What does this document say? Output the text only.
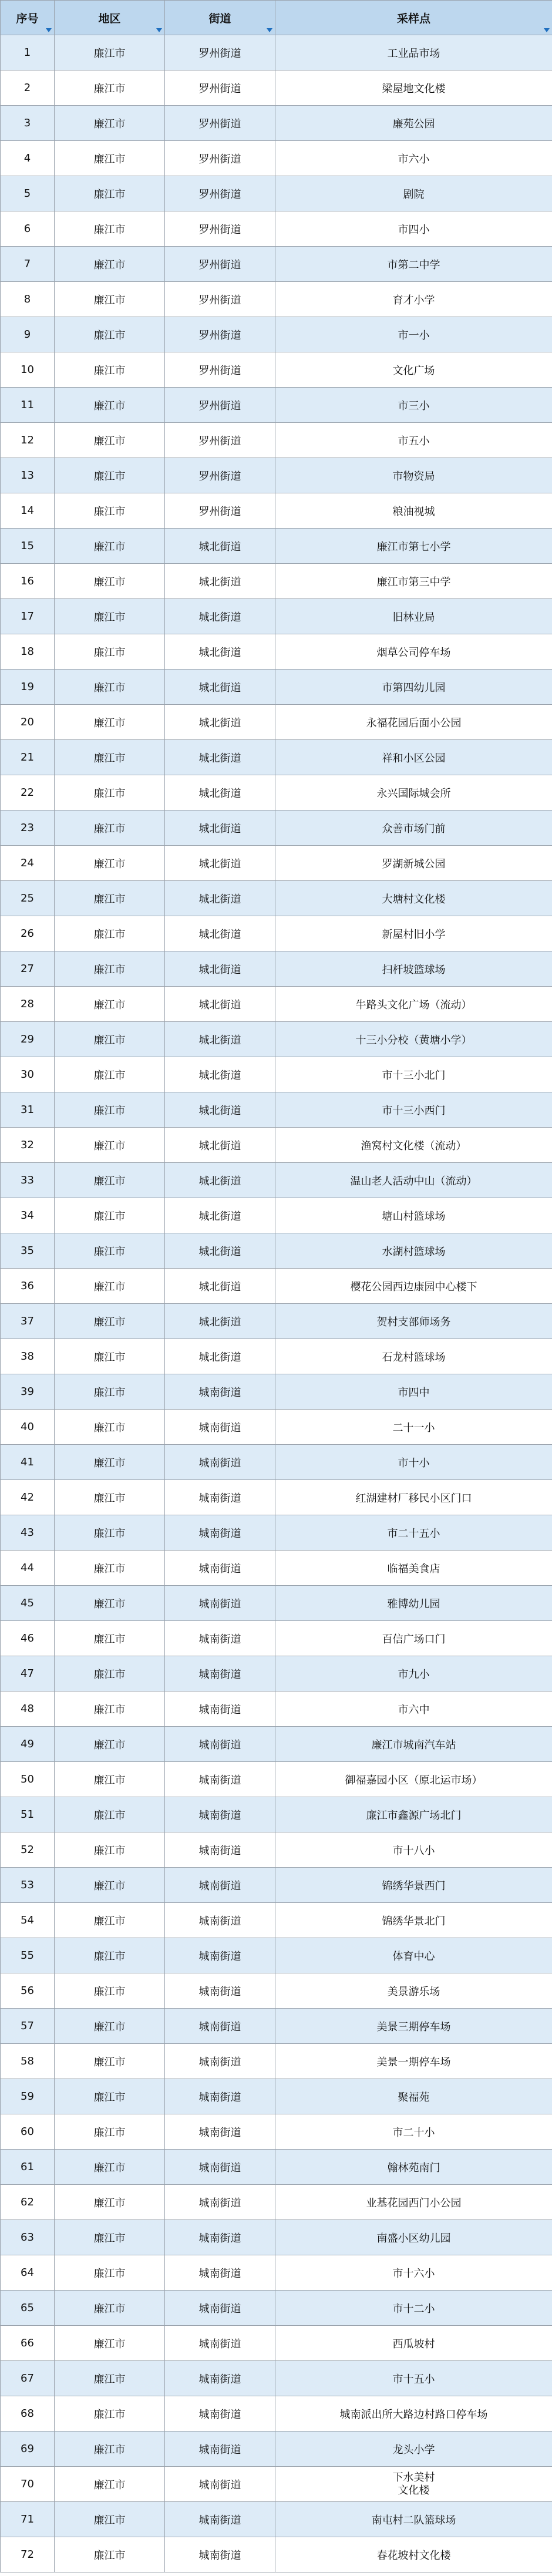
序号	地区	街道	采样点

1	廉江市	罗州街道	工业品市场
2	廉江市	罗州街道	梁屋地文化楼
3	廉江市	罗州街道	廉苑公园
4	廉江市	罗州街道	市六小
5	廉江市	罗州街道	剧院
6	廉江市	罗州街道	市四小
7	廉江市	罗州街道	市第二中学
8	廉江市	罗州街道	育才小学
9	廉江市	罗州街道	市一小
10	廉江市	罗州街道	文化广场
11	廉江市	罗州街道	市三小
12	廉江市	罗州街道	市五小
13	廉江市	罗州街道	市物资局
14	廉江市	罗州街道	粮油视城
15	廉江市	城北街道	廉江市第七小学
16	廉江市	城北街道	廉江市第三中学
17	廉江市	城北街道	旧林业局
18	廉江市	城北街道	烟草公司停车场
19	廉江市	城北街道	市第四幼儿园
20	廉江市	城北街道	永福花园后面小公园
21	廉江市	城北街道	祥和小区公园
22	廉江市	城北街道	永兴国际城会所
23	廉江市	城北街道	众善市场门前
24	廉江市	城北街道	罗湖新城公园
25	廉江市	城北街道	大塘村文化楼
26	廉江市	城北街道	新屋村旧小学
27	廉江市	城北街道	扫杆坡篮球场
28	廉江市	城北街道	牛路头文化广场（流动）
29	廉江市	城北街道	十三小分校（黄塘小学）
30	廉江市	城北街道	市十三小北门
31	廉江市	城北街道	市十三小西门
32	廉江市	城北街道	渔窝村文化楼（流动）
33	廉江市	城北街道	温山老人活动中山（流动）
34	廉江市	城北街道	塘山村篮球场
35	廉江市	城北街道	水湖村篮球场
36	廉江市	城北街道	樱花公园西边康园中心楼下
37	廉江市	城北街道	贺村支部师场务
38	廉江市	城北街道	石龙村篮球场
39	廉江市	城南街道	市四中
40	廉江市	城南街道	二十一小
41	廉江市	城南街道	市十小
42	廉江市	城南街道	红湖建材厂移民小区门口
43	廉江市	城南街道	市二十五小
44	廉江市	城南街道	临福美食店
45	廉江市	城南街道	雅博幼儿园
46	廉江市	城南街道	百信广场口门
47	廉江市	城南街道	市九小
48	廉江市	城南街道	市六中
49	廉江市	城南街道	廉江市城南汽车站
50	廉江市	城南街道	御福嘉园小区（原北运市场）
51	廉江市	城南街道	廉江市鑫源广场北门
52	廉江市	城南街道	市十八小
53	廉江市	城南街道	锦绣华景西门
54	廉江市	城南街道	锦绣华景北门
55	廉江市	城南街道	体育中心
56	廉江市	城南街道	美景游乐场
57	廉江市	城南街道	美景三期停车场
58	廉江市	城南街道	美景一期停车场
59	廉江市	城南街道	聚福苑
60	廉江市	城南街道	市二十小
61	廉江市	城南街道	翰林苑南门
62	廉江市	城南街道	业基花园西门小公园
63	廉江市	城南街道	南盛小区幼儿园
64	廉江市	城南街道	市十六小
65	廉江市	城南街道	市十二小
66	廉江市	城南街道	西瓜坡村
67	廉江市	城南街道	市十五小
68	廉江市	城南街道	城南派出所大路边村路口停车场
69	廉江市	城南街道	龙头小学
70	廉江市	城南街道	下水美村
文化楼
71	廉江市	城南街道	南屯村二队篮球场
72	廉江市	城南街道	春花坡村文化楼
